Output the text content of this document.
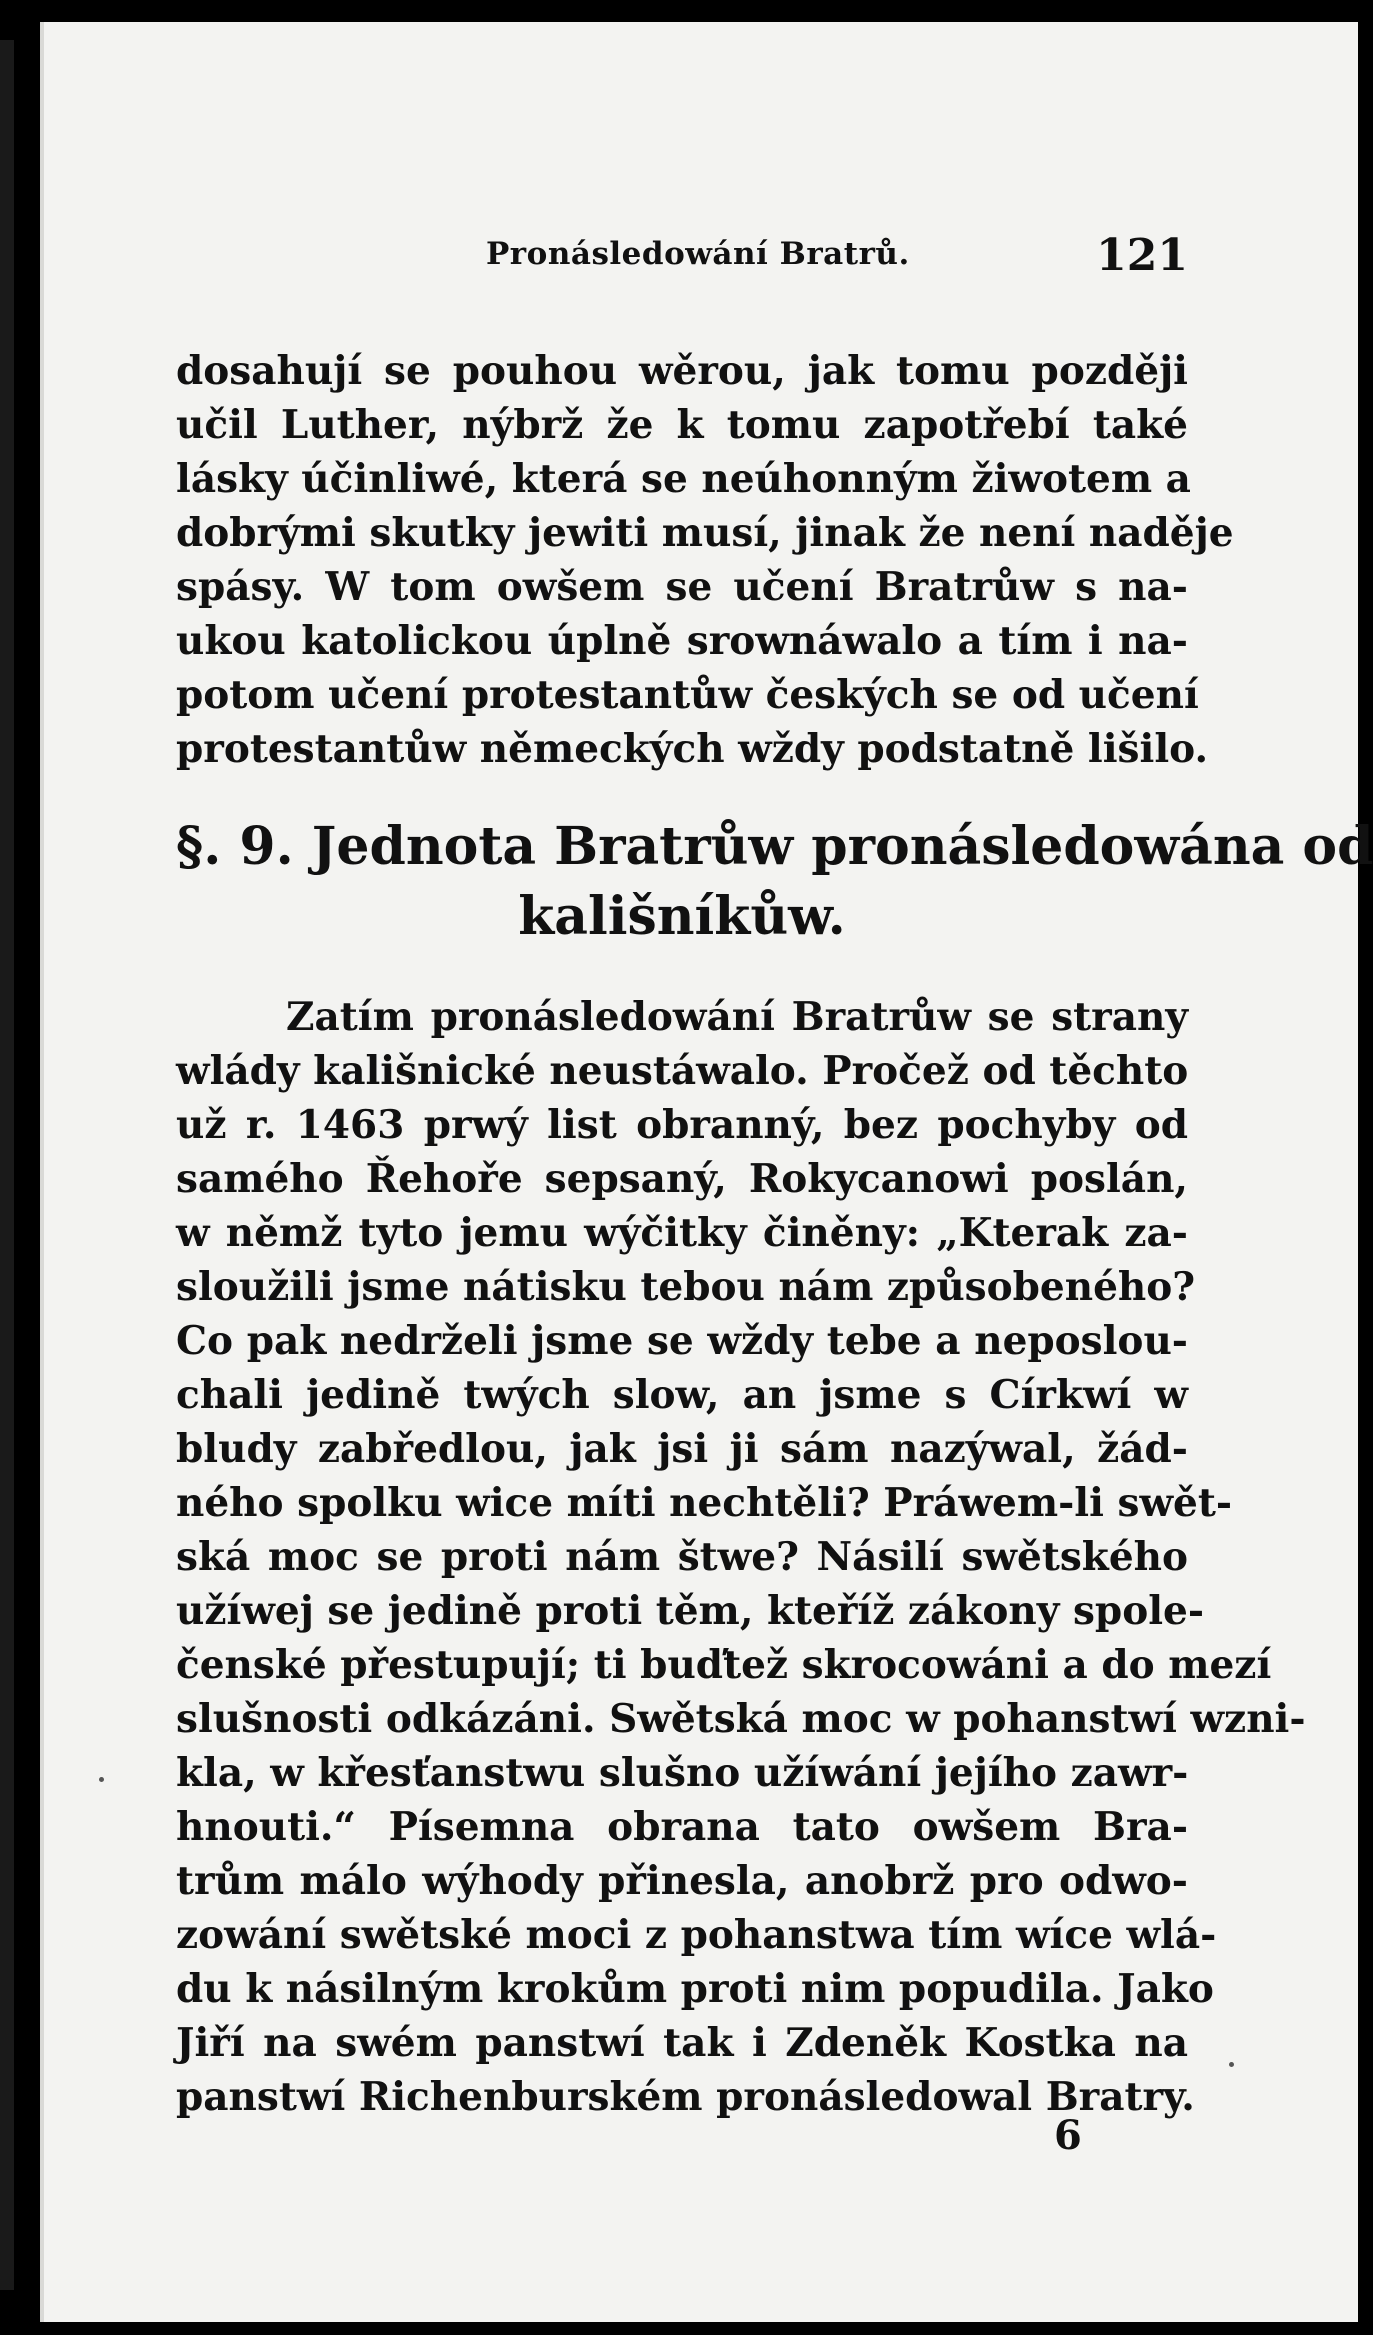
Pronásledowání Bratrů.	121
dosahují se pouhou wěrou, jak tomu později
učil Luther, nýbrž že k tomu zapotřebí také
lásky účinliwé, která se neúhonným žiwotem a
dobrými skutky jewiti musí, jinak že není naděje
spásy. W tom owšem se učení Bratrůw s na-
ukou katolickou úplně srownáwalo a tím i na-
potom učení protestantůw českých se od učení
protestantůw německých wždy podstatně lišilo.
§. 9. Jednota Bratrůw pronásledowána od
kališníkůw.
Zatím pronásledowání Bratrůw se strany
wlády kališnické neustáwalo. Pročež od těchto
už r. 1463 prwý list obranný, bez pochyby od
samého Řehoře sepsaný, Rokycanowi poslán,
w němž tyto jemu wýčitky činěny: „Kterak za-
sloužili jsme nátisku tebou nám způsobeného?
Co pak nedrželi jsme se wždy tebe a neposlou-
chali jedině twých slow, an jsme s Církwí w
bludy zabředlou, jak jsi ji sám nazýwal, žád-
ného spolku wice míti nechtěli? Práwem-li swět-
ská moc se proti nám štwe? Násilí swětského
užíwej se jedině proti těm, kteříž zákony spole-
čenské přestupují; ti buďtež skrocowáni a do mezí
slušnosti odkázáni. Swětská moc w pohanstwí wzni-
kla, w křesťanstwu slušno užíwání jejího zawr-
hnouti.“ Písemna obrana tato owšem Bra-
trům málo wýhody přinesla, anobrž pro odwo-
zowání swětské moci z pohanstwa tím wíce wlá-
du k násilným krokům proti nim popudila. Jako
Jiří na swém panstwí tak i Zdeněk Kostka na
panstwí Richenburském pronásledowal Bratry.
6
